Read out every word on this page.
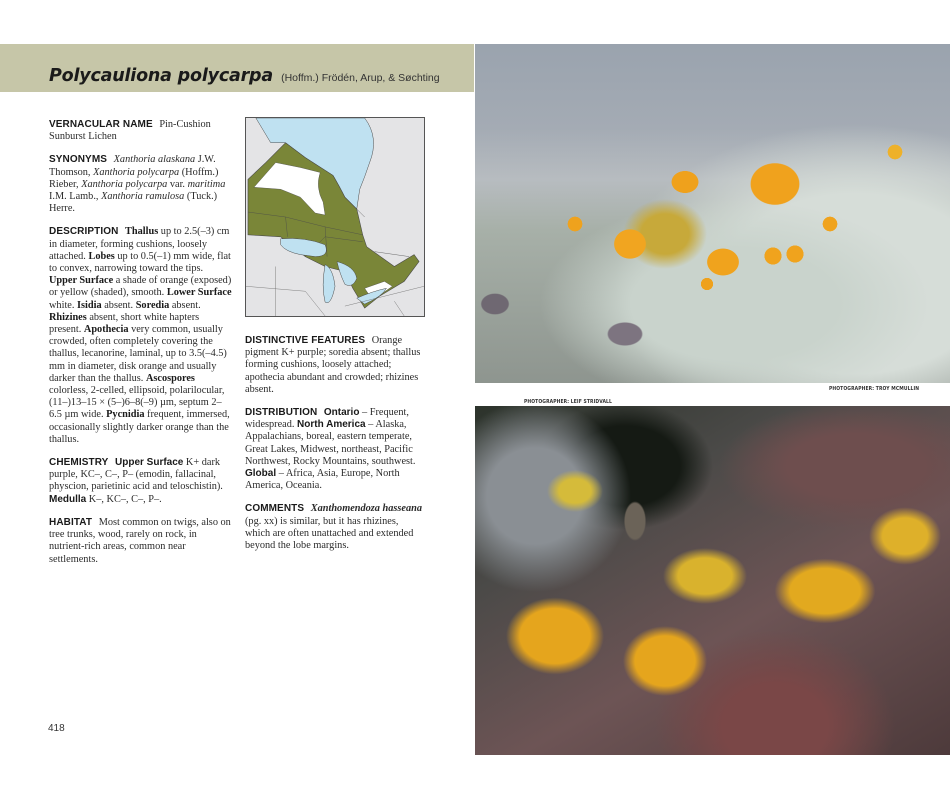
Polycauliona polycarpa (Hoffm.) Frödén, Arup, & Søchting

VERNACULAR NAME Pin-Cushion Sunburst Lichen

SYNONYMS Xanthoria alaskana J.W. Thomson, Xanthoria polycarpa (Hoffm.) Rieber, Xanthoria polycarpa var. maritima I.M. Lamb., Xanthoria ramulosa (Tuck.) Herre.

DESCRIPTION Thallus up to 2.5(–3) cm in diameter, forming cushions, loosely attached. Lobes up to 0.5(–1) mm wide, flat to convex, narrowing toward the tips. Upper Surface a shade of orange (exposed) or yellow (shaded), smooth. Lower Surface white. Isidia absent. Soredia absent. Rhizines absent, short white hapters present. Apothecia very common, usually crowded, often completely covering the thallus, lecanorine, laminal, up to 3.5(–4.5) mm in diameter, disk orange and usually darker than the thallus. Ascospores colorless, 2-celled, ellipsoid, polarilocular, (11–)13–15 × (5–)6–8(–9) µm, septum 2–6.5 µm wide. Pycnidia frequent, immersed, occasionally slightly darker orange than the thallus.

CHEMISTRY Upper Surface K+ dark purple, KC–, C–, P– (emodin, fallacinal, physcion, parietinic acid and teloschistin). Medulla K–, KC–, C–, P–.

HABITAT Most common on twigs, also on tree trunks, wood, rarely on rock, in nutrient-rich areas, common near settlements.

DISTINCTIVE FEATURES Orange pigment K+ purple; soredia absent; thallus forming cushions, loosely attached; apothecia abundant and crowded; rhizines absent.

DISTRIBUTION Ontario – Frequent, widespread. North America – Alaska, Appalachians, boreal, eastern temperate, Great Lakes, Midwest, northeast, Pacific Northwest, Rocky Mountains, southwest. Global – Africa, Asia, Europe, North America, Oceania.

COMMENTS Xanthomendoza hasseana (pg. xx) is similar, but it has rhizines, which are often unattached and extended beyond the lobe margins.

418
PHOTOGRAPHER: TROY MCMULLIN
PHOTOGRAPHER: LEIF STRIDVALL
